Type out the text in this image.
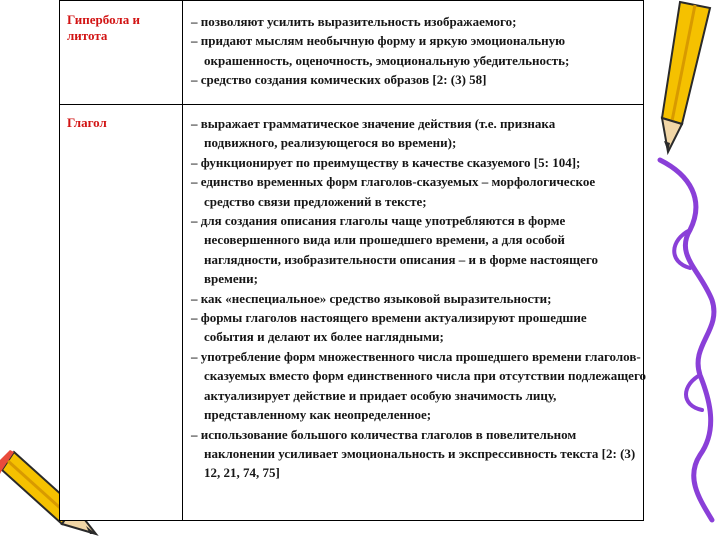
Гипербола и литота
– позволяют усилить выразительность изображаемого;
– придают мыслям необычную форму и яркую эмоциональную окрашенность, оценочность, эмоциональную убедительность;
– средство создания комических образов [2: (3) 58]
Глагол	– выражает грамматическое значение действия (т.е. признака подвижного, реализующегося во времени);
– функционирует по преимуществу в качестве сказуемого [5: 104];
– единство временных форм глаголов-сказуемых – морфологическое средство связи предложений в тексте;
– для создания описания глаголы чаще употребляются в форме несовершенного вида или прошедшего времени, а для особой наглядности, изобразительности описания – и в форме настоящего времени;
– как «неспециальное» средство языковой выразительности;
– формы глаголов настоящего времени актуализируют прошедшие события и делают их более наглядными;
– употребление форм множественного числа прошедшего времени глаголов-сказуемых вместо форм единственного числа при отсутствии подлежащего актуализирует действие и придает особую значимость лицу, представленному как неопределенное;
– использование большого количества глаголов в повелительном наклонении усиливает эмоциональность и экспрессивность текста [2: (3) 12, 21, 74, 75]
